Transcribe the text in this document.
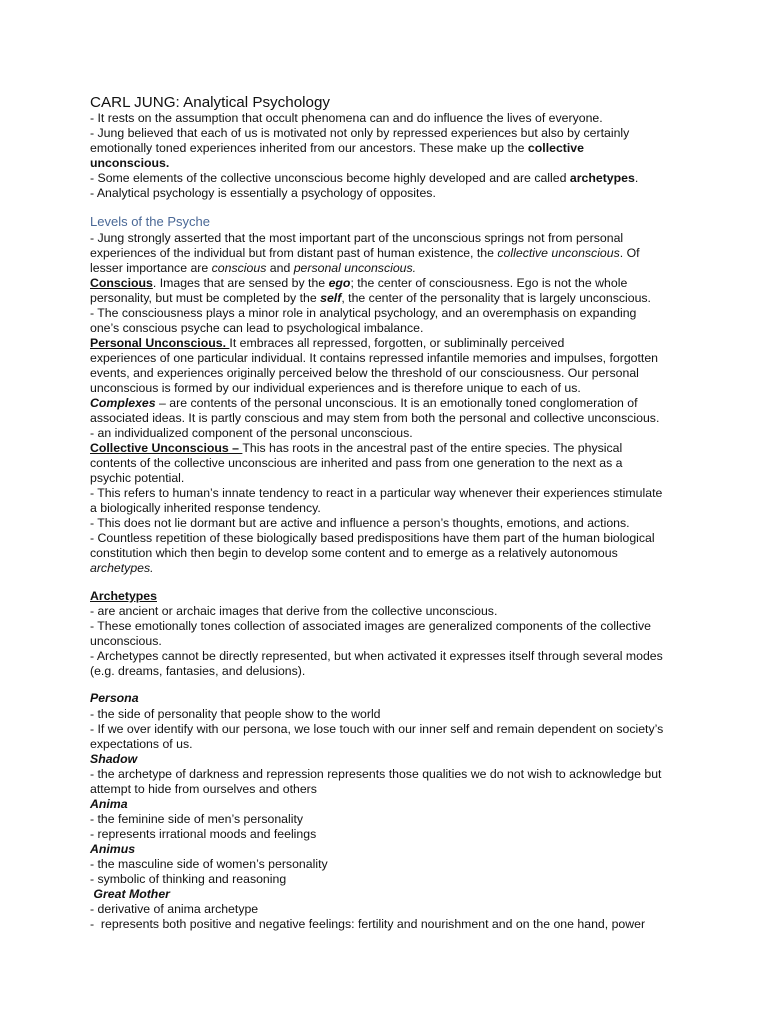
CARL JUNG: Analytical Psychology
- It rests on the assumption that occult phenomena can and do influence the lives of everyone.
- Jung believed that each of us is motivated not only by repressed experiences but also by certainly
emotionally toned experiences inherited from our ancestors. These make up the collective
unconscious.
- Some elements of the collective unconscious become highly developed and are called archetypes.
- Analytical psychology is essentially a psychology of opposites.
Levels of the Psyche
- Jung strongly asserted that the most important part of the unconscious springs not from personal
experiences of the individual but from distant past of human existence, the collective unconscious. Of
lesser importance are conscious and personal unconscious.
Conscious. Images that are sensed by the ego; the center of consciousness. Ego is not the whole
personality, but must be completed by the self, the center of the personality that is largely unconscious.
- The consciousness plays a minor role in analytical psychology, and an overemphasis on expanding
one’s conscious psyche can lead to psychological imbalance.
Personal Unconscious. It embraces all repressed, forgotten, or subliminally perceived
experiences of one particular individual. It contains repressed infantile memories and impulses, forgotten
events, and experiences originally perceived below the threshold of our consciousness. Our personal
unconscious is formed by our individual experiences and is therefore unique to each of us.
Complexes – are contents of the personal unconscious. It is an emotionally toned conglomeration of
associated ideas. It is partly conscious and may stem from both the personal and collective unconscious.
- an individualized component of the personal unconscious.
Collective Unconscious – This has roots in the ancestral past of the entire species. The physical
contents of the collective unconscious are inherited and pass from one generation to the next as a
psychic potential.
- This refers to human’s innate tendency to react in a particular way whenever their experiences stimulate
a biologically inherited response tendency.
- This does not lie dormant but are active and influence a person’s thoughts, emotions, and actions.
- Countless repetition of these biologically based predispositions have them part of the human biological
constitution which then begin to develop some content and to emerge as a relatively autonomous
archetypes.
Archetypes
- are ancient or archaic images that derive from the collective unconscious.
- These emotionally tones collection of associated images are generalized components of the collective
unconscious.
- Archetypes cannot be directly represented, but when activated it expresses itself through several modes
(e.g. dreams, fantasies, and delusions).
Persona
- the side of personality that people show to the world
- If we over identify with our persona, we lose touch with our inner self and remain dependent on society’s
expectations of us.
Shadow
- the archetype of darkness and repression represents those qualities we do not wish to acknowledge but
attempt to hide from ourselves and others
Anima
- the feminine side of men’s personality
- represents irrational moods and feelings
Animus
- the masculine side of women’s personality
- symbolic of thinking and reasoning
Great Mother
- derivative of anima archetype
-  represents both positive and negative feelings: fertility and nourishment and on the one hand, power
